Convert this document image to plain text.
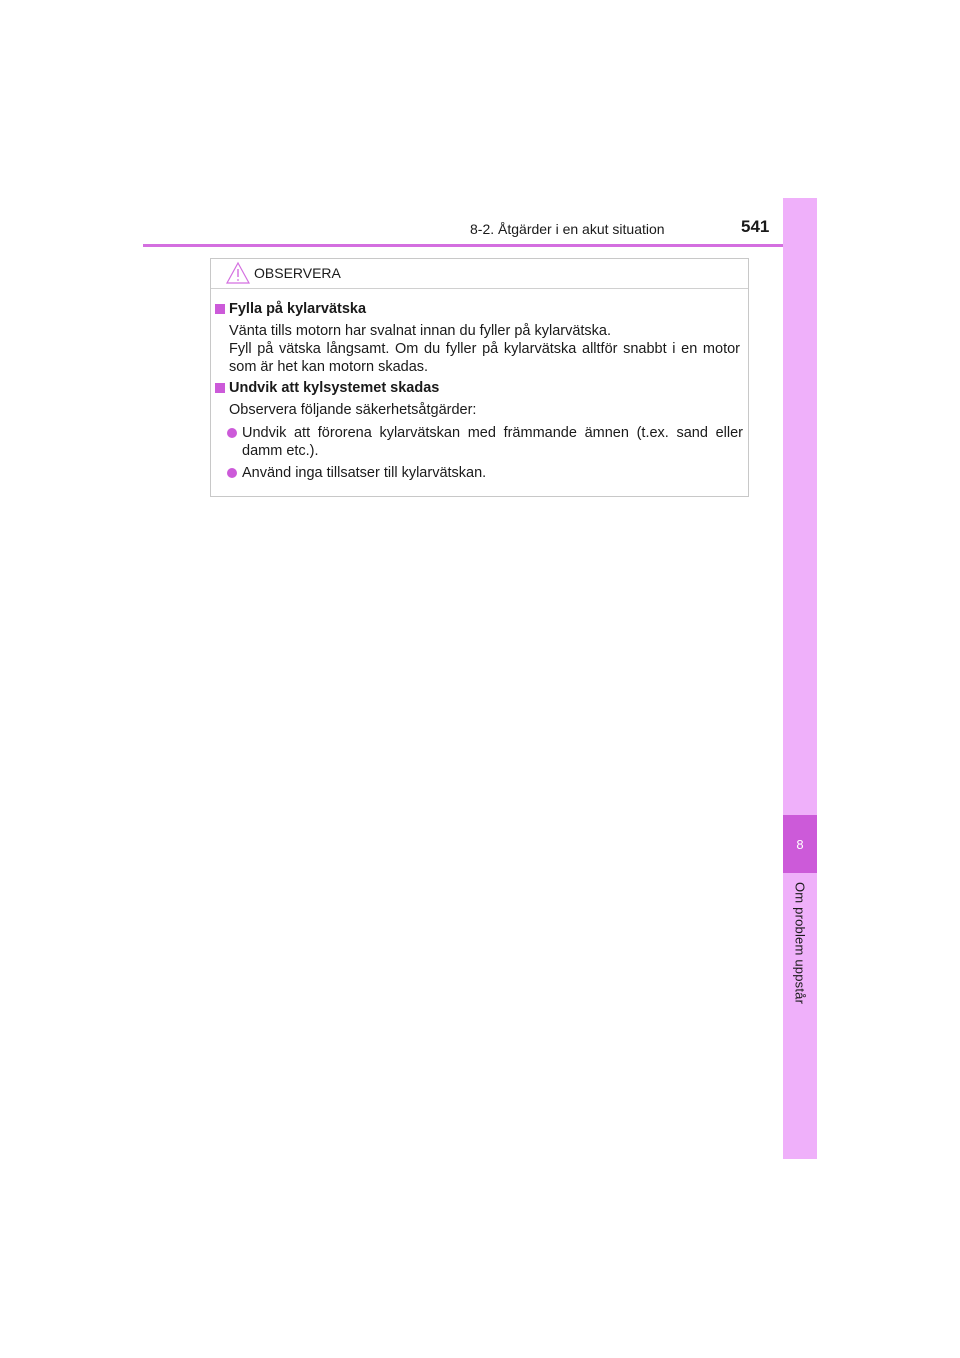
8-2. Åtgärder i en akut situation	541
8
Om problem uppstår
OBSERVERA
Fylla på kylarvätska
Vänta tills motorn har svalnat innan du fyller på kylarvätska.
Fyll på vätska långsamt. Om du fyller på kylarvätska alltför snabbt i en motor som är het kan motorn skadas.
Undvik att kylsystemet skadas
Observera följande säkerhetsåtgärder:
Undvik att förorena kylarvätskan med främmande ämnen (t.ex. sand eller damm etc.).
Använd inga tillsatser till kylarvätskan.
